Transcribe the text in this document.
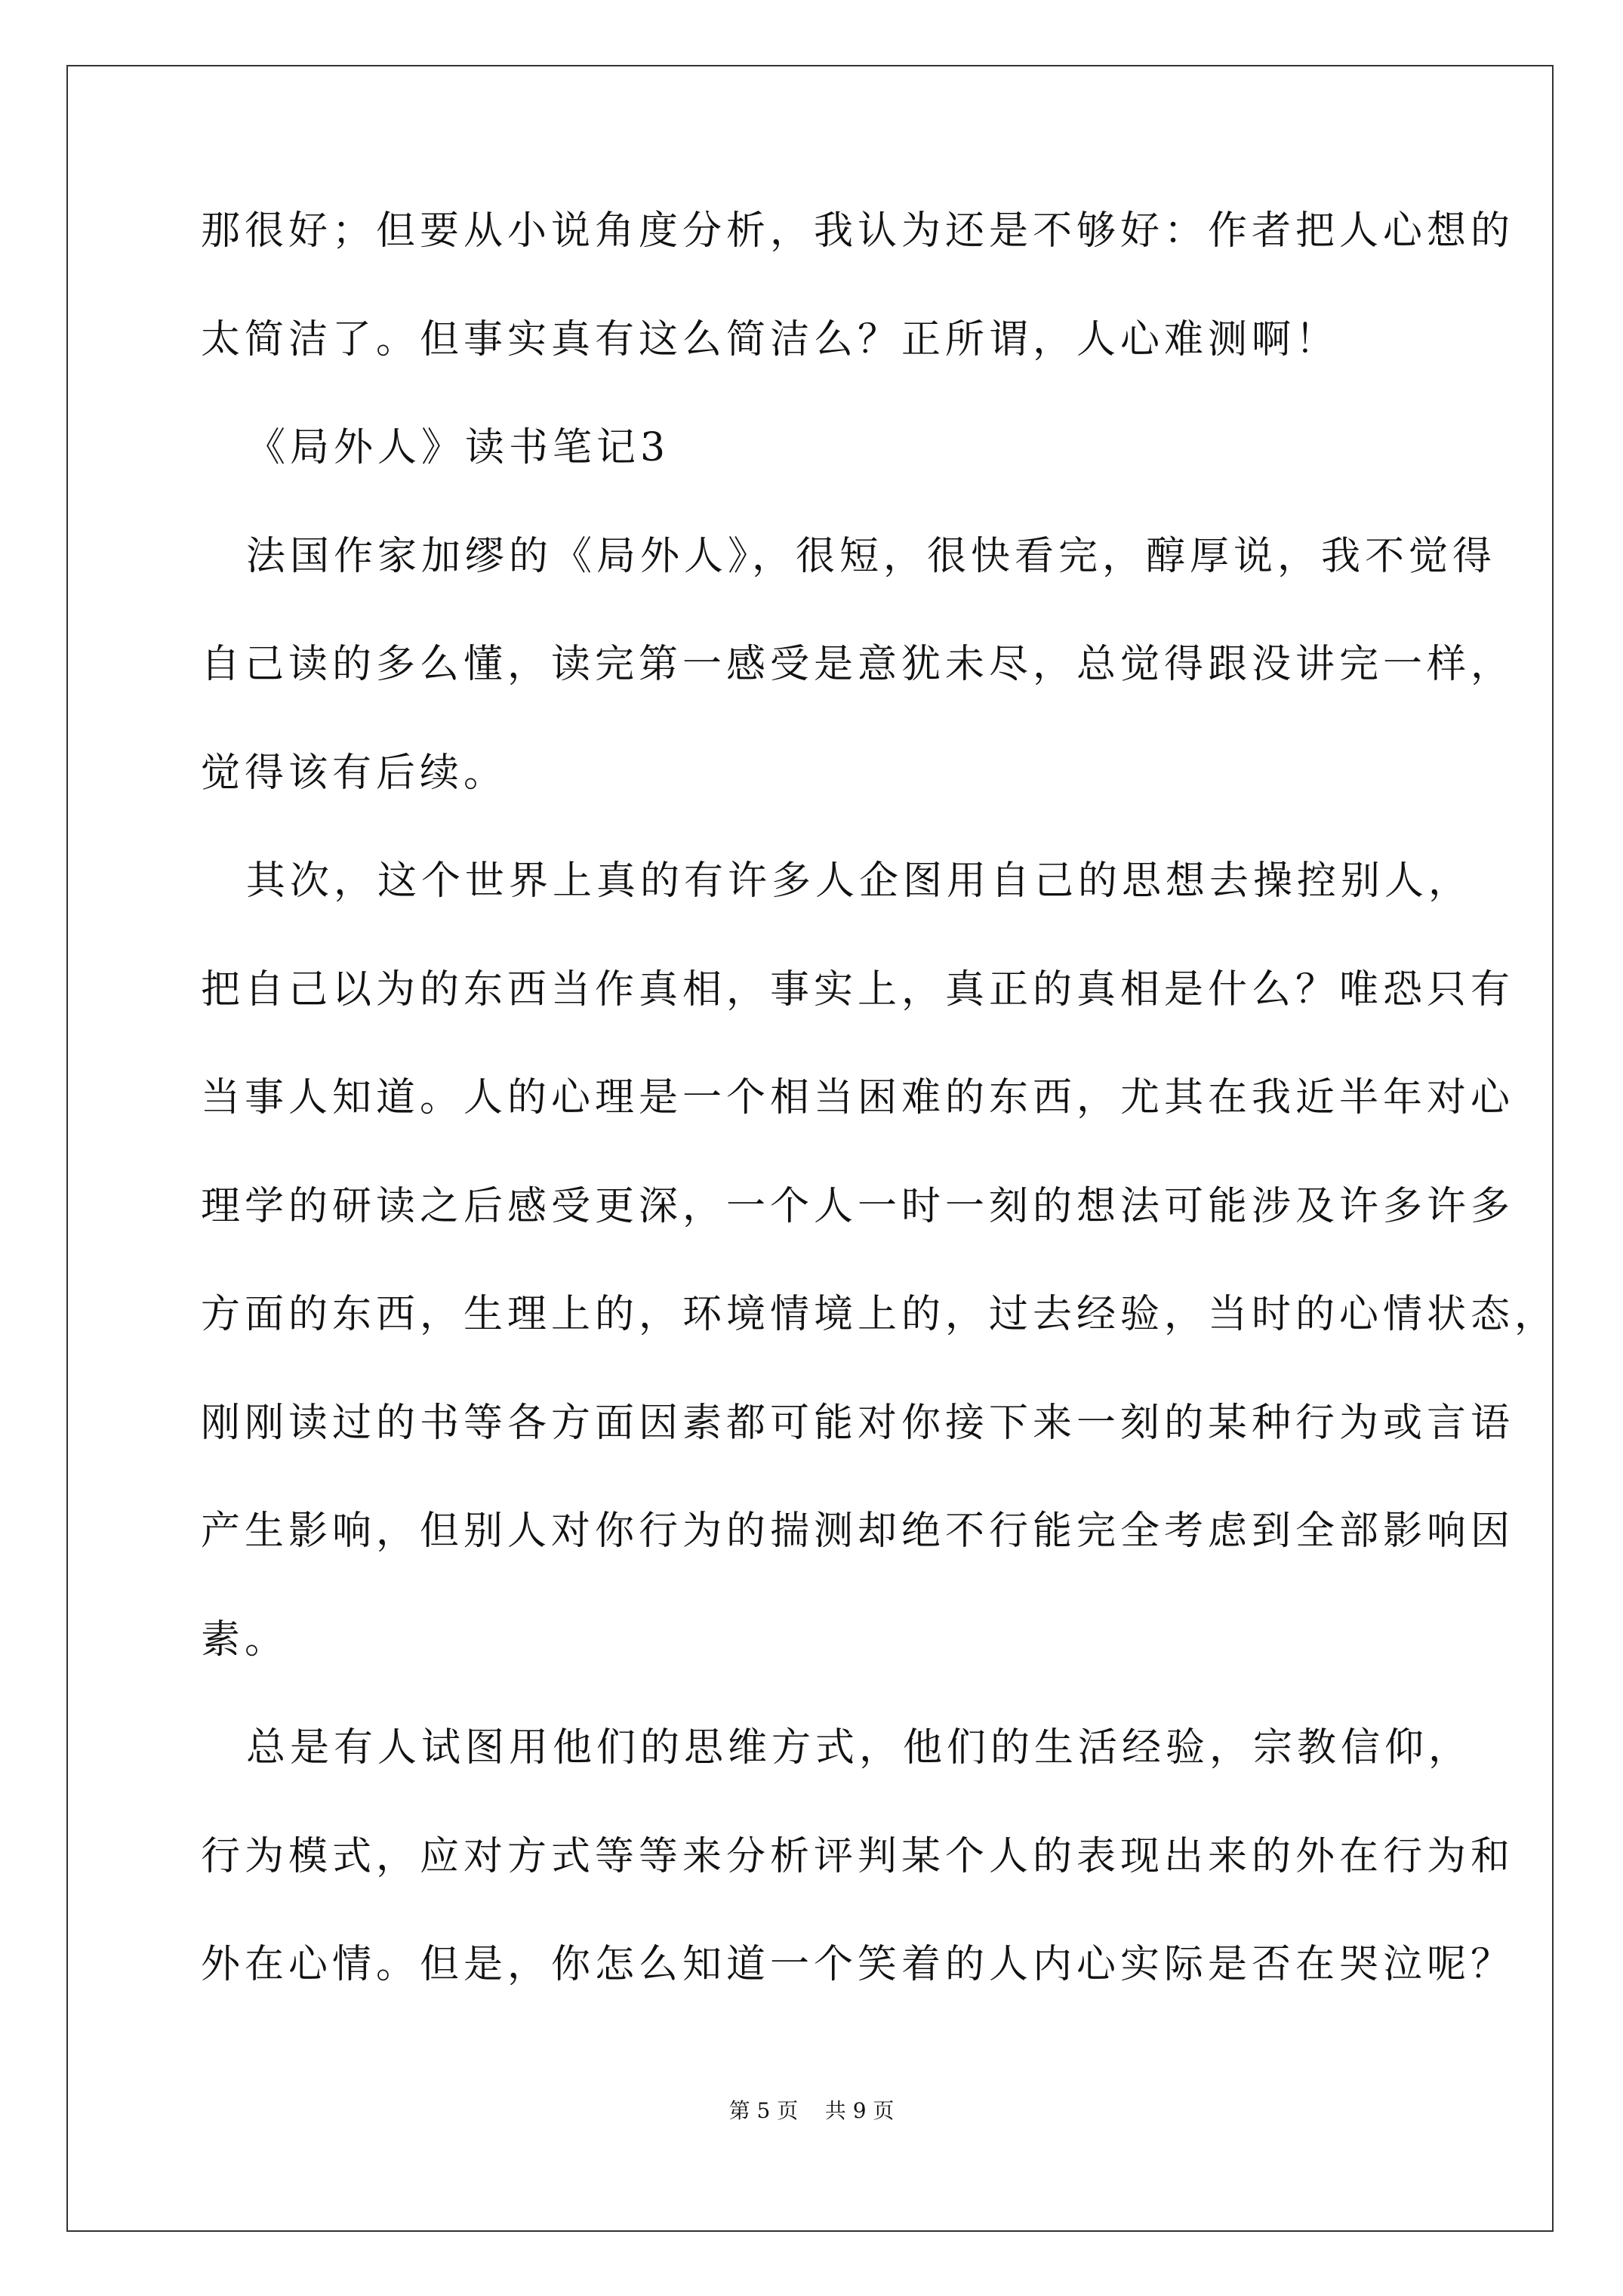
那很好；但要从小说角度分析，我认为还是不够好：作者把人心想的
太简洁了。但事实真有这么简洁么？正所谓，人心难测啊！
《局外人》读书笔记3
法国作家加缪的《局外人》，很短，很快看完，醇厚说，我不觉得
自己读的多么懂，读完第一感受是意犹未尽，总觉得跟没讲完一样，
觉得该有后续。
其次，这个世界上真的有许多人企图用自己的思想去操控别人，
把自己以为的东西当作真相，事实上，真正的真相是什么？唯恐只有
当事人知道。人的心理是一个相当困难的东西，尤其在我近半年对心
理学的研读之后感受更深，一个人一时一刻的想法可能涉及许多许多
方面的东西，生理上的，环境情境上的，过去经验，当时的心情状态，
刚刚读过的书等各方面因素都可能对你接下来一刻的某种行为或言语
产生影响，但别人对你行为的揣测却绝不行能完全考虑到全部影响因
素。
总是有人试图用他们的思维方式，他们的生活经验，宗教信仰，
行为模式，应对方式等等来分析评判某个人的表现出来的外在行为和
外在心情。但是，你怎么知道一个笑着的人内心实际是否在哭泣呢？
第 5 页    共 9 页
